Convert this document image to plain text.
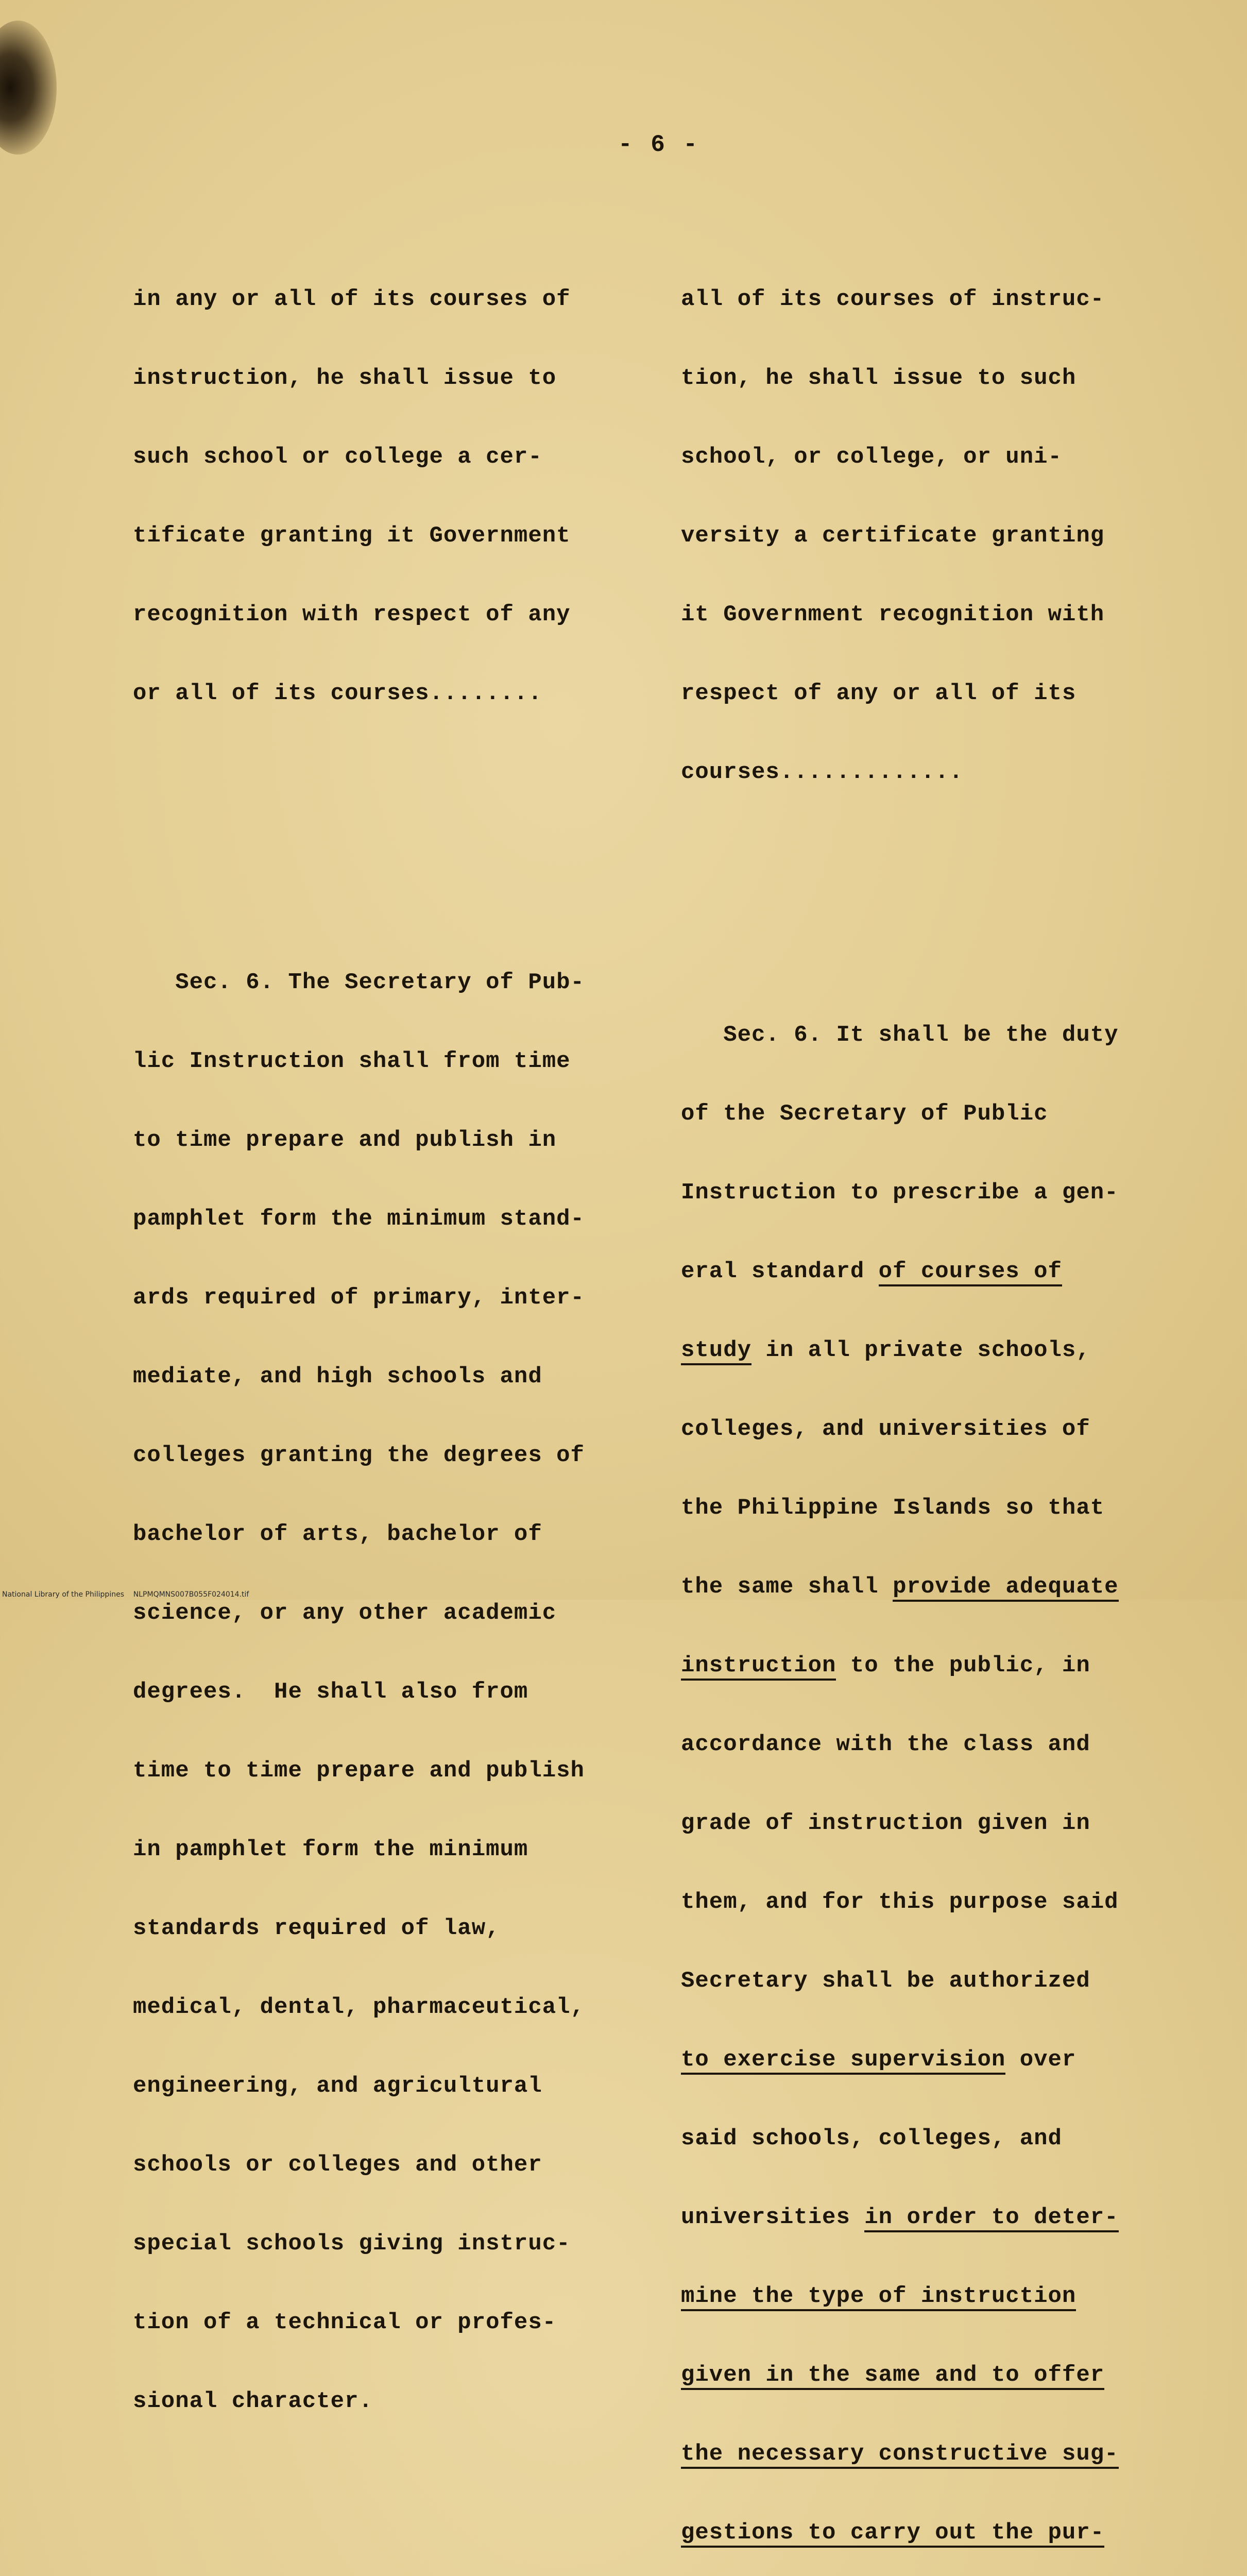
- 6 -

in any or all of its courses of

instruction, he shall issue to

such school or college a cer-

tificate granting it Government

recognition with respect of any

or all of its courses........

Sec. 6. The Secretary of Pub-

lic Instruction shall from time

to time prepare and publish in

pamphlet form the minimum stand-

ards required of primary, inter-

mediate, and high schools and

colleges granting the degrees of

bachelor of arts, bachelor of

science, or any other academic

degrees.  He shall also from

time to time prepare and publish

in pamphlet form the minimum

standards required of law,

medical, dental, pharmaceutical,

engineering, and agricultural

schools or colleges and other

special schools giving instruc-

tion of a technical or profes-

sional character.

all of its courses of instruc-

tion, he shall issue to such

school, or college, or uni-

versity a certificate granting

it Government recognition with

respect of any or all of its

courses.............

Sec. 6. It shall be the duty

of the Secretary of Public

Instruction to prescribe a gen-

eral standard of courses of

study in all private schools,

colleges, and universities of

the Philippine Islands so that

the same shall provide adequate

instruction to the public, in

accordance with the class and

grade of instruction given in

them, and for this purpose said

Secretary shall be authorized

to exercise supervision over

said schools, colleges, and

universities in order to deter-

mine the type of instruction

given in the same and to offer

the necessary constructive sug-

gestions to carry out the pur-

National Library of the Philippines    NLPMQMNS007B055F024014.tif
